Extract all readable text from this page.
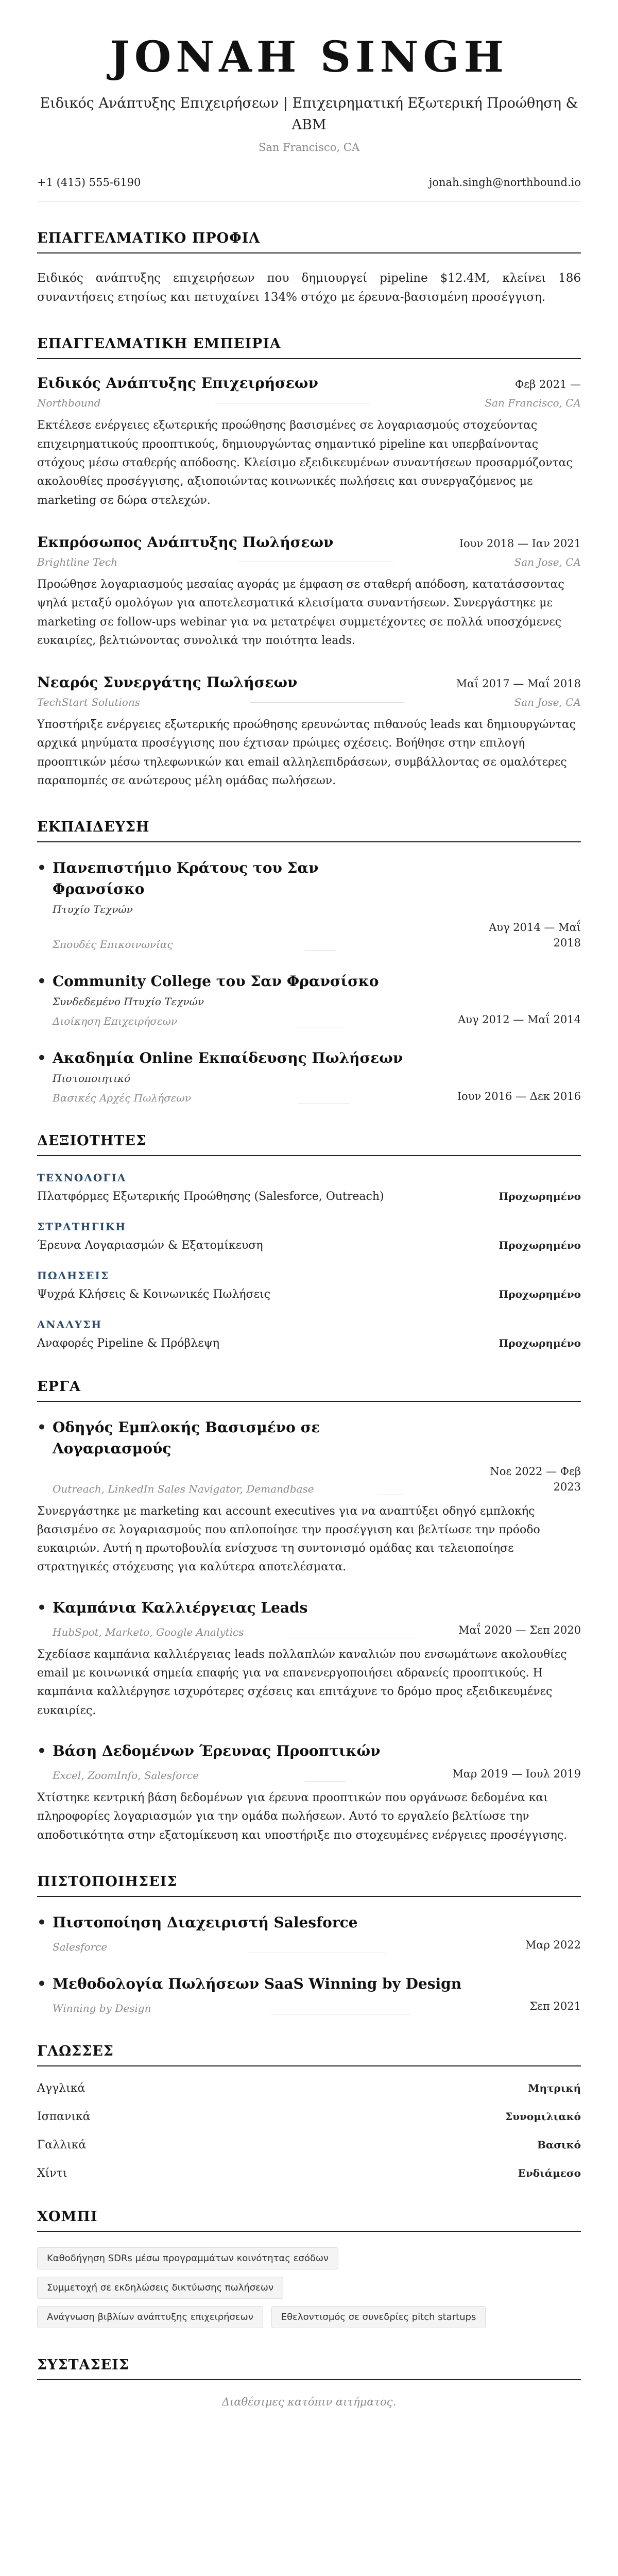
JONAH SINGH
Ειδικός Ανάπτυξης Επιχειρήσεων | Επιχειρηματική Εξωτερική Προώθηση & ABM
San Francisco, CA
+1 (415) 555-6190	jonah.singh@northbound.io
ΕΠΑΓΓΕΛΜΑΤΙΚΟ ΠΡΟΦΙΛ
Ειδικός ανάπτυξης επιχειρήσεων που δημιουργεί pipeline $12.4M, κλείνει 186 συναντήσεις ετησίως και πετυχαίνει 134% στόχο με έρευνα-βασισμένη προσέγγιση.
ΕΠΑΓΓΕΛΜΑΤΙΚΗ ΕΜΠΕΙΡΙΑ
Ειδικός Ανάπτυξης Επιχειρήσεων	Φεβ 2021 —
Northbound	San Francisco, CA
Εκτέλεσε ενέργειες εξωτερικής προώθησης βασισμένες σε λογαριασμούς στοχεύοντας επιχειρηματικούς προοπτικούς, δημιουργώντας σημαντικό pipeline και υπερβαίνοντας στόχους μέσω σταθερής απόδοσης. Κλείσιμο εξειδικευμένων συναντήσεων προσαρμόζοντας ακολουθίες προσέγγισης, αξιοποιώντας κοινωνικές πωλήσεις και συνεργαζόμενος με marketing σε δώρα στελεχών.
Εκπρόσωπος Ανάπτυξης Πωλήσεων	Ιουν 2018 — Ιαν 2021
Brightline Tech	San Jose, CA
Προώθησε λογαριασμούς μεσαίας αγοράς με έμφαση σε σταθερή απόδοση, κατατάσσοντας ψηλά μεταξύ ομολόγων για αποτελεσματικά κλεισίματα συναντήσεων. Συνεργάστηκε με marketing σε follow-ups webinar για να μετατρέψει συμμετέχοντες σε πολλά υποσχόμενες ευκαιρίες, βελτιώνοντας συνολικά την ποιότητα leads.
Νεαρός Συνεργάτης Πωλήσεων	Μαΐ 2017 — Μαΐ 2018
TechStart Solutions	San Jose, CA
Υποστήριξε ενέργειες εξωτερικής προώθησης ερευνώντας πιθανούς leads και δημιουργώντας αρχικά μηνύματα προσέγγισης που έχτισαν πρώιμες σχέσεις. Βοήθησε στην επιλογή προοπτικών μέσω τηλεφωνικών και email αλληλεπιδράσεων, συμβάλλοντας σε ομαλότερες παραπομπές σε ανώτερους μέλη ομάδας πωλήσεων.
ΕΚΠΑΙΔΕΥΣΗ
• Πανεπιστήμιο Κράτους του Σαν Φρανσίσκο
Πτυχίο Τεχνών
Σπουδές Επικοινωνίας
Αυγ 2014 — Μαΐ 2018
• Community College του Σαν Φρανσίσκο
Συνδεδεμένο Πτυχίο Τεχνών
Διοίκηση Επιχειρήσεων	Αυγ 2012 — Μαΐ 2014
• Ακαδημία Online Εκπαίδευσης Πωλήσεων
Πιστοποιητικό
Βασικές Αρχές Πωλήσεων	Ιουν 2016 — Δεκ 2016
ΔΕΞΙΟΤΗΤΕΣ
ΤΕΧΝΟΛΟΓΙΑ
Πλατφόρμες Εξωτερικής Προώθησης (Salesforce, Outreach)	Προχωρημένο
ΣΤΡΑΤΗΓΙΚΗ
Έρευνα Λογαριασμών & Εξατομίκευση	Προχωρημένο
ΠΩΛΗΣΕΙΣ
Ψυχρά Κλήσεις & Κοινωνικές Πωλήσεις	Προχωρημένο
ΑΝΑΛΥΣΗ
Αναφορές Pipeline & Πρόβλεψη	Προχωρημένο
ΕΡΓΑ
• Οδηγός Εμπλοκής Βασισμένο σε Λογαριασμούς
Outreach, LinkedIn Sales Navigator, Demandbase
Νοε 2022 — Φεβ 2023
Συνεργάστηκε με marketing και account executives για να αναπτύξει οδηγό εμπλοκής βασισμένο σε λογαριασμούς που απλοποίησε την προσέγγιση και βελτίωσε την πρόοδο ευκαιριών. Αυτή η πρωτοβουλία ενίσχυσε τη συντονισμό ομάδας και τελειοποίησε στρατηγικές στόχευσης για καλύτερα αποτελέσματα.
• Καμπάνια Καλλιέργειας Leads
HubSpot, Marketo, Google Analytics	Μαΐ 2020 — Σεπ 2020
Σχεδίασε καμπάνια καλλιέργειας leads πολλαπλών καναλιών που ενσωμάτωνε ακολουθίες email με κοινωνικά σημεία επαφής για να επανενεργοποιήσει αδρανείς προοπτικούς. Η καμπάνια καλλιέργησε ισχυρότερες σχέσεις και επιτάχυνε το δρόμο προς εξειδικευμένες ευκαιρίες.
• Βάση Δεδομένων Έρευνας Προοπτικών
Excel, ZoomInfo, Salesforce	Μαρ 2019 — Ιουλ 2019
Χτίστηκε κεντρική βάση δεδομένων για έρευνα προοπτικών που οργάνωσε δεδομένα και πληροφορίες λογαριασμών για την ομάδα πωλήσεων. Αυτό το εργαλείο βελτίωσε την αποδοτικότητα στην εξατομίκευση και υποστήριξε πιο στοχευμένες ενέργειες προσέγγισης.
ΠΙΣΤΟΠΟΙΗΣΕΙΣ
• Πιστοποίηση Διαχειριστή Salesforce
Salesforce	Μαρ 2022
• Μεθοδολογία Πωλήσεων SaaS Winning by Design
Winning by Design	Σεπ 2021
ΓΛΩΣΣΕΣ
Αγγλικά	Μητρική
Ισπανικά	Συνομιλιακό
Γαλλικά	Βασικό
Χίντι	Ενδιάμεσο
ΧΟΜΠΙ
Καθοδήγηση SDRs μέσω προγραμμάτων κοινότητας εσόδων
Συμμετοχή σε εκδηλώσεις δικτύωσης πωλήσεων
Ανάγνωση βιβλίων ανάπτυξης επιχειρήσεων	Εθελοντισμός σε συνεδρίες pitch startups
ΣΥΣΤΑΣΕΙΣ
Διαθέσιμες κατόπιν αιτήματος.
